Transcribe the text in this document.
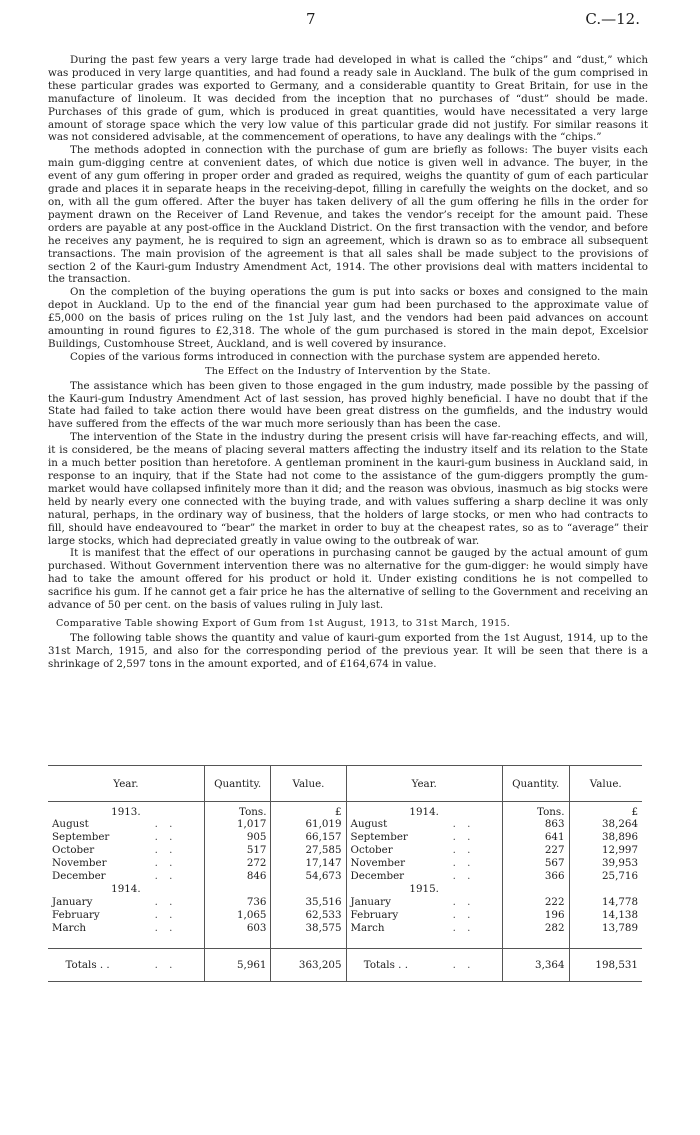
7	C.—12.

During the past few years a very large trade had developed in what is called the “chips” and “dust,” which was produced in very large quantities, and had found a ready sale in Auckland. The bulk of the gum comprised in these particular grades was exported to Germany, and a considerable quantity to Great Britain, for use in the manufacture of linoleum. It was decided from the inception that no purchases of “dust” should be made. Purchases of this grade of gum, which is produced in great quantities, would have necessitated a very large amount of storage space which the very low value of this particular grade did not justify. For similar reasons it was not considered advisable, at the commencement of operations, to have any dealings with the “chips.”

The methods adopted in connection with the purchase of gum are briefly as follows: The buyer visits each main gum-digging centre at convenient dates, of which due notice is given well in advance. The buyer, in the event of any gum offering in proper order and graded as required, weighs the quantity of gum of each particular grade and places it in separate heaps in the receiving-depot, filling in carefully the weights on the docket, and so on, with all the gum offered. After the buyer has taken delivery of all the gum offering he fills in the order for payment drawn on the Receiver of Land Revenue, and takes the vendor’s receipt for the amount paid. These orders are payable at any post-office in the Auckland District. On the first transaction with the vendor, and before he receives any payment, he is required to sign an agreement, which is drawn so as to embrace all subsequent transactions. The main provision of the agreement is that all sales shall be made subject to the provisions of section 2 of the Kauri-gum Industry Amendment Act, 1914. The other provisions deal with matters incidental to the transaction.

On the completion of the buying operations the gum is put into sacks or boxes and consigned to the main depot in Auckland. Up to the end of the financial year gum had been purchased to the approximate value of £5,000 on the basis of prices ruling on the 1st July last, and the vendors had been paid advances on account amounting in round figures to £2,318. The whole of the gum purchased is stored in the main depot, Excelsior Buildings, Customhouse Street, Auckland, and is well covered by insurance.

Copies of the various forms introduced in connection with the purchase system are appended hereto.

The Effect on the Industry of Intervention by the State.

The assistance which has been given to those engaged in the gum industry, made possible by the passing of the Kauri-gum Industry Amendment Act of last session, has proved highly beneficial. I have no doubt that if the State had failed to take action there would have been great distress on the gumfields, and the industry would have suffered from the effects of the war much more seriously than has been the case.

The intervention of the State in the industry during the present crisis will have far-reaching effects, and will, it is considered, be the means of placing several matters affecting the industry itself and its relation to the State in a much better position than heretofore. A gentleman prominent in the kauri-gum business in Auckland said, in response to an inquiry, that if the State had not come to the assistance of the gum-diggers promptly the gum-market would have collapsed infinitely more than it did; and the reason was obvious, inasmuch as big stocks were held by nearly every one connected with the buying trade, and with values suffering a sharp decline it was only natural, perhaps, in the ordinary way of business, that the holders of large stocks, or men who had contracts to fill, should have endeavoured to “bear” the market in order to buy at the cheapest rates, so as to “average” their large stocks, which had depreciated greatly in value owing to the outbreak of war.

It is manifest that the effect of our operations in purchasing cannot be gauged by the actual amount of gum purchased. Without Government intervention there was no alternative for the gum-digger: he would simply have had to take the amount offered for his product or hold it. Under existing conditions he is not compelled to sacrifice his gum. If he cannot get a fair price he has the alternative of selling to the Government and receiving an advance of 50 per cent. on the basis of values ruling in July last.

Comparative Table showing Export of Gum from 1st August, 1913, to 31st March, 1915.

The following table shows the quantity and value of kauri-gum exported from the 1st August, 1914, up to the 31st March, 1915, and also for the corresponding period of the previous year. It will be seen that there is a shrinkage of 2,597 tons in the amount exported, and of £164,674 in value.

Year.		Quantity.	Value.	Year.		Quantity.	Value.
1913.		Tons.	£	1914.		Tons.	£
August	. .	1,017	61,019	August	. .	863	38,264
September	. .	905	66,157	September	. .	641	38,896
October	. .	517	27,585	October	. .	227	12,997
November	. .	272	17,147	November	. .	567	39,953
December	. .	846	54,673	December	. .	366	25,716
1914.				1915.			
January	. .	736	35,516	January	. .	222	14,778
February	. .	1,065	62,533	February	. .	196	14,138
March	. .	603	38,575	March	. .	282	13,789

Totals . .	. .	5,961	363,205	Totals . .	. .	3,364	198,531
